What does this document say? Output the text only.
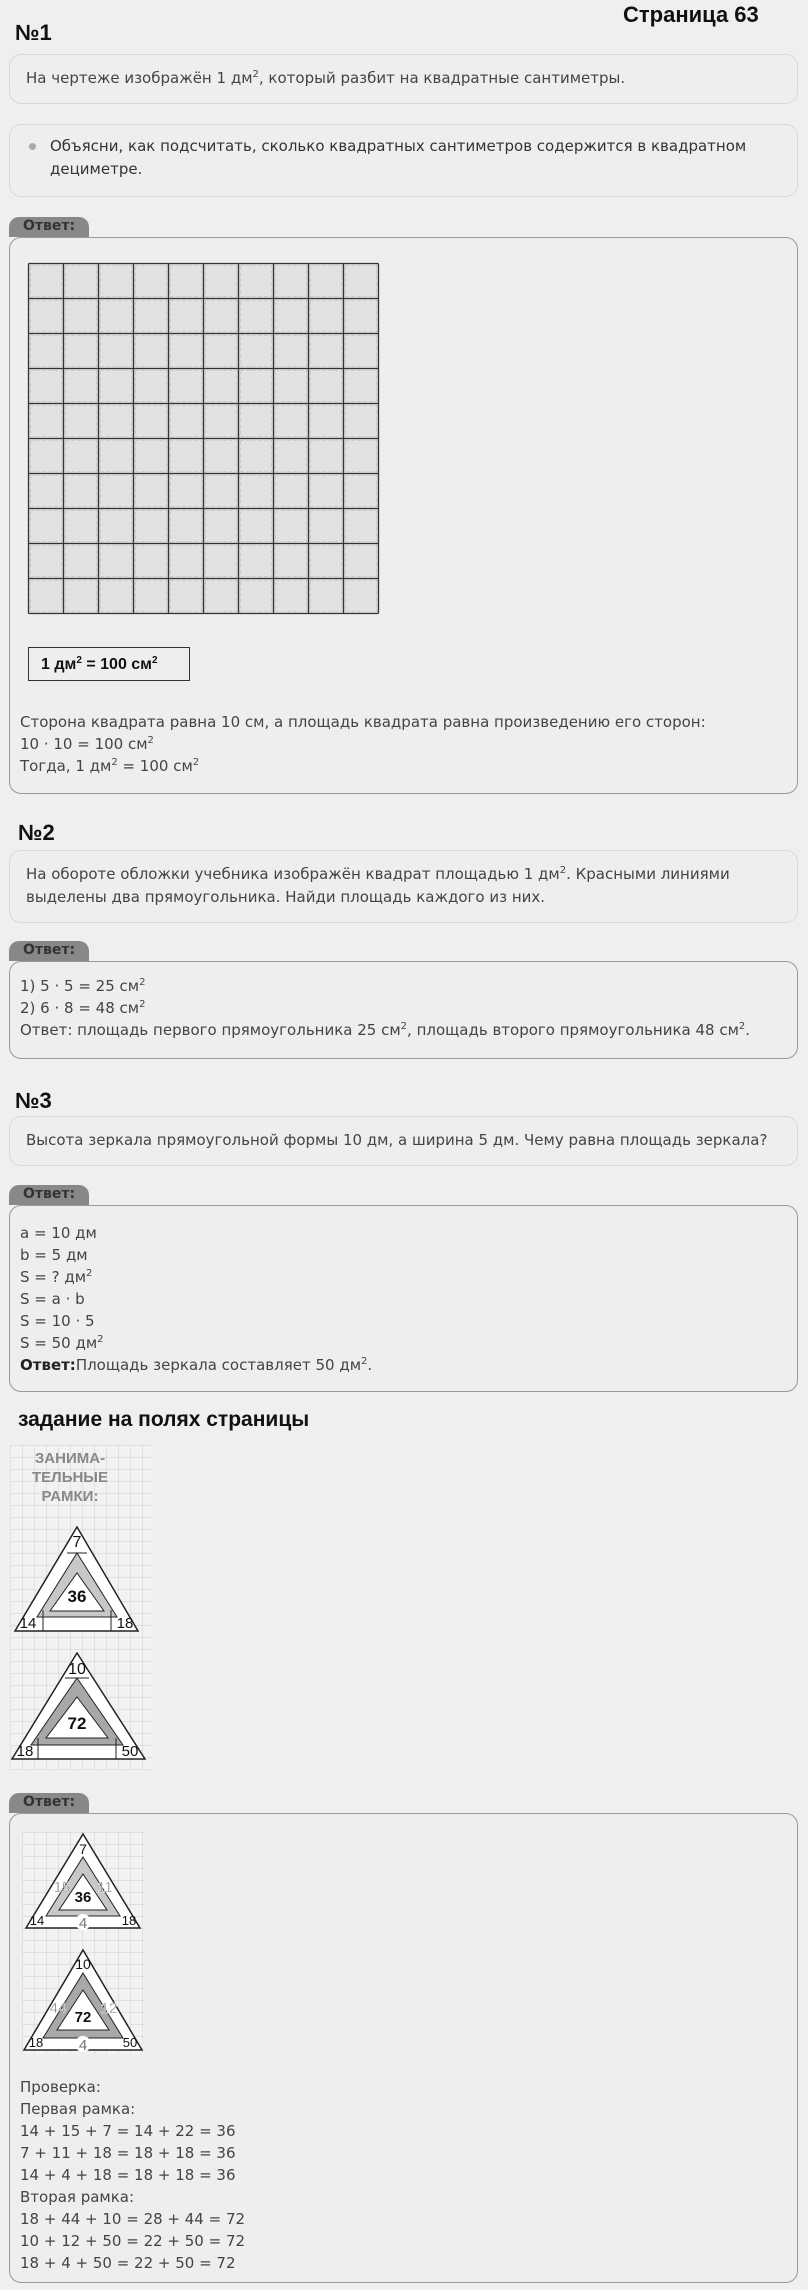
Страница 63
№1
На чертеже изображён 1 $дм^2$, который разбит на квадратные сантиметры.
Объясни, как подсчитать, сколько квадратных сантиметров содержится в квадратном дециметре.
Ответ:
1 $дм^2 = 100$ $см^2$
Сторона квадрата равна 10 см, а площадь квадрата равна произведению его сторон:
10 · 10 = 100 $см^2$
Тогда, 1 $дм^2 = 100$ $см^2$
№2
На обороте обложки учебника изображён квадрат площадью 1 $дм^2$. Красными линиями выделены два прямоугольника. Найди площадь каждого из них.
Ответ:
1) 5 · 5 = 25 $см^2$
2) 6 · 8 = 48 $см^2$
Ответ: площадь первого прямоугольника 25 $см^2$, площадь второго прямоугольника 48 $см^2$.
№3
Высота зеркала прямоугольной формы 10 дм, а ширина 5 дм. Чему равна площадь зеркала?
Ответ:
a = 10 дм
b = 5 дм
S = ? $дм^2$
S = a · b
S = 10 · 5
S = 50 $дм^2$
Ответ:Площадь зеркала составляет 50 $дм^2$.
задание на полях страницы
ЗАНИМА-ТЕЛЬНЫЕ РАМКИ:
7
36
14	18
10
72
18	50
Ответ:
7
36
14	18
15 11
4
10
72
18	50
44 12
4
Проверка:
Первая рамка:
14 + 15 + 7 = 14 + 22 = 36
7 + 11 + 18 = 18 + 18 = 36
14 + 4 + 18 = 18 + 18 = 36
Вторая рамка:
18 + 44 + 10 = 28 + 44 = 72
10 + 12 + 50 = 22 + 50 = 72
18 + 4 + 50 = 22 + 50 = 72
